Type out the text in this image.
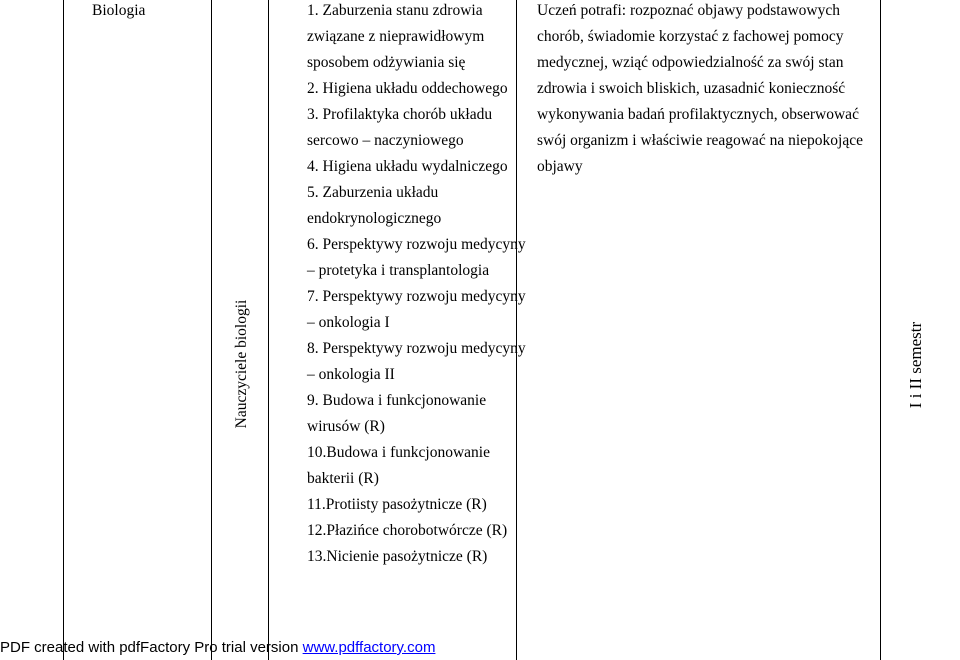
Biologia
Nauczyciele biologii
1. Zaburzenia stanu zdrowia
związane z nieprawidłowym
sposobem odżywiania się
2. Higiena układu oddechowego
3. Profilaktyka chorób układu
sercowo – naczyniowego
4. Higiena układu wydalniczego
5. Zaburzenia układu
endokrynologicznego
6. Perspektywy rozwoju medycyny
– protetyka i transplantologia
7. Perspektywy rozwoju medycyny
– onkologia I
8. Perspektywy rozwoju medycyny
– onkologia II
9. Budowa i funkcjonowanie
wirusów (R)
10.Budowa i funkcjonowanie
bakterii (R)
11.Protiisty pasożytnicze (R)
12.Płazińce chorobotwórcze (R)
13.Nicienie pasożytnicze (R)
Uczeń potrafi: rozpoznać objawy podstawowych
chorób, świadomie korzystać z fachowej pomocy
medycznej, wziąć odpowiedzialność za swój stan
zdrowia i swoich bliskich, uzasadnić konieczność
wykonywania badań profilaktycznych, obserwować
swój organizm i właściwie reagować na niepokojące
objawy
I i II semestr
PDF created with pdfFactory Pro trial version www.pdffactory.com
